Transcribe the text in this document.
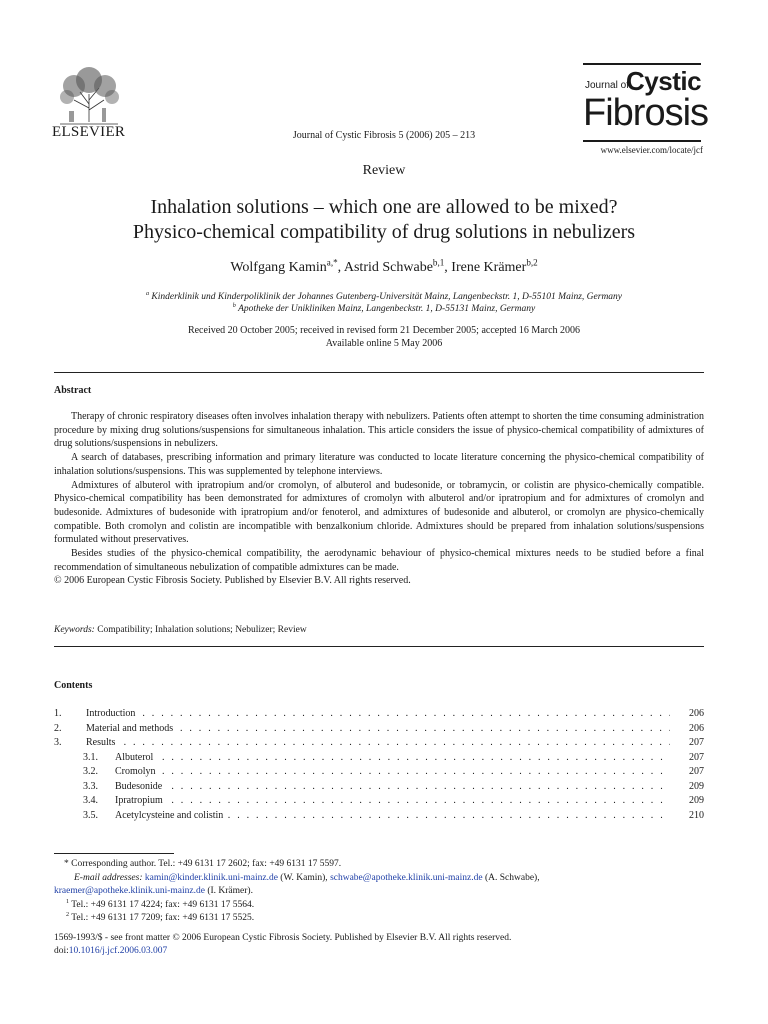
ELSEVIER	Journal of Cystic Fibrosis 5 (2006) 205 – 213
Journal of
Cystic
Fibrosis
www.elsevier.com/locate/jcf
Review
Inhalation solutions – which one are allowed to be mixed?
Physico-chemical compatibility of drug solutions in nebulizers
Wolfgang Kamin$^{a,*}$, Astrid Schwabe$^{b,1}$, Irene Krämer$^{b,2}$
$^a$ Kinderklinik und Kinderpoliklinik der Johannes Gutenberg-Universität Mainz, Langenbeckstr. 1, D-55101 Mainz, Germany
$^b$ Apotheke der Unikliniken Mainz, Langenbeckstr. 1, D-55131 Mainz, Germany
Received 20 October 2005; received in revised form 21 December 2005; accepted 16 March 2006
Available online 5 May 2006
Abstract

Therapy of chronic respiratory diseases often involves inhalation therapy with nebulizers. Patients often attempt to shorten the time consuming administration procedure by mixing drug solutions/suspensions for simultaneous inhalation. This article considers the issue of physico-chemical compatibility of admixtures of drug solutions/suspensions in nebulizers.

A search of databases, prescribing information and primary literature was conducted to locate literature concerning the physico-chemical compatibility of inhalation solutions/suspensions. This was supplemented by telephone interviews.

Admixtures of albuterol with ipratropium and/or cromolyn, of albuterol and budesonide, or tobramycin, or colistin are physico-chemically compatible. Physico-chemical compatibility has been demonstrated for admixtures of cromolyn with albuterol and/or ipratropium and for admixtures of cromolyn and budesonide. Admixtures of budesonide with ipratropium and/or fenoterol, and admixtures of budesonide and albuterol, or cromolyn are physico-chemically compatible. Both cromolyn and colistin are incompatible with benzalkonium chloride. Admixtures should be prepared from inhalation solutions/suspensions formulated without preservatives.

Besides studies of the physico-chemical compatibility, the aerodynamic behaviour of physico-chemical mixtures needs to be studied before a final recommendation of simultaneous nebulization of compatible admixtures can be made.

© 2006 European Cystic Fibrosis Society. Published by Elsevier B.V. All rights reserved.

Keywords: Compatibility; Inhalation solutions; Nebulizer; Review
Contents
1.	Introduction . . .	206
2.	Material and methods . . .	206
3.	Results . . .	207
3.1.	Albuterol . . .	207
3.2.	Cromolyn . . .	207
3.3.	Budesonide . . .	209
3.4.	Ipratropium . . .	209
3.5.	Acetylcysteine and colistin . . .	210
* Corresponding author. Tel.: +49 6131 17 2602; fax: +49 6131 17 5597.
E-mail addresses: kamin@kinder.klinik.uni-mainz.de (W. Kamin), schwabe@apotheke.klinik.uni-mainz.de (A. Schwabe),
kraemer@apotheke.klinik.uni-mainz.de (I. Krämer).
$^1$ Tel.: +49 6131 17 4224; fax: +49 6131 17 5564.
$^2$ Tel.: +49 6131 17 7209; fax: +49 6131 17 5525.
1569-1993/$ - see front matter © 2006 European Cystic Fibrosis Society. Published by Elsevier B.V. All rights reserved.
doi:10.1016/j.jcf.2006.03.007
